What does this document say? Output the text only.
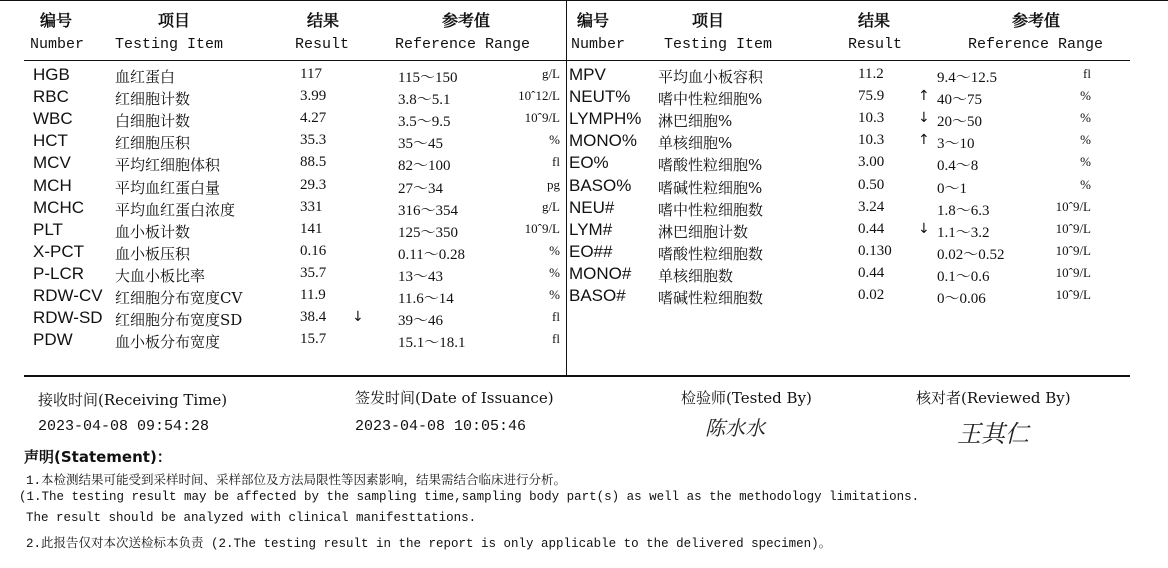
编号	项目	结果	参考值
Number Testing Item	Result	Reference Range
编号	项目	结果	参考值
Number	Testing Item	Result	Reference Range
HGB	血红蛋白	117	115～150	g/L
RBC	红细胞计数	3.99	3.8～5.1	10ˆ12/L
WBC	白细胞计数	4.27	3.5～9.5	10ˆ9/L
HCT	红细胞压积	35.3	35～45	%
MCV	平均红细胞体积	88.5	82～100	fl
MCH	平均血红蛋白量	29.3	27～34	pg
MCHC 平均血红蛋白浓度	331	316～354	g/L
PLT	血小板计数	141	125～350	10ˆ9/L
X-PCT 血小板压积	0.16	0.11～0.28	%
P-LCR 大血小板比率	35.7	13～43	%
RDW-CV 红细胞分布宽度CV	11.9	11.6～14	%
RDW-SD 红细胞分布宽度SD	38.4 ↓ 39～46	fl
PDW	血小板分布宽度	15.7	15.1～18.1	fl
MPV	平均血小板容积	11.2	9.4～12.5	fl
NEUT% 嗜中性粒细胞%	75.9 ↑ 40～75	%
LYMPH% 淋巴细胞%	10.3 ↓ 20～50	%
MONO% 单核细胞%	10.3 ↑ 3～10	%
EO%	嗜酸性粒细胞%	3.00	0.4～8	%
BASO% 嗜碱性粒细胞%	0.50	0～1	%
NEU#	嗜中性粒细胞数	3.24	1.8～6.3	10ˆ9/L
LYM#	淋巴细胞计数	0.44 ↓ 1.1～3.2	10ˆ9/L
EO##	嗜酸性粒细胞数	0.130	0.02～0.52	10ˆ9/L
MONO# 单核细胞数	0.44	0.1～0.6	10ˆ9/L
BASO# 嗜碱性粒细胞数	0.02	0～0.06	10ˆ9/L
接收时间(Receiving Time)
2023-04-08 09:54:28
签发时间(Date of Issuance)
2023-04-08 10:05:46
检验师(Tested By)
陈水水
核对者(Reviewed By)
王其仁
声明(Statement)：
1.本检测结果可能受到采样时间、采样部位及方法局限性等因素影响，结果需结合临床进行分析。
(1.The testing result may be affected by the sampling time,sampling body part(s) as well as the methodology limitations.
The result should be analyzed with clinical manifesttations.
2.此报告仅对本次送检标本负责 (2.The testing result in the report is only applicable to the delivered specimen)。
